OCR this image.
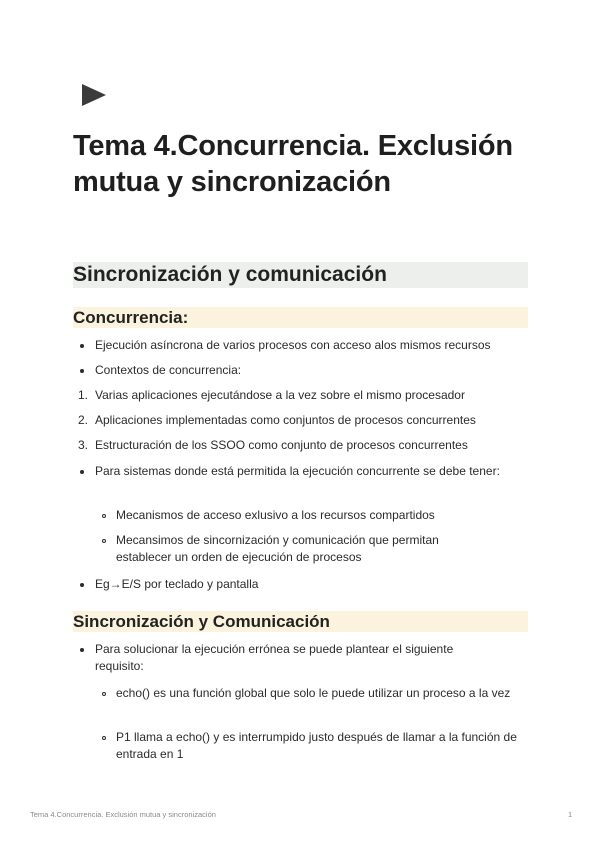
Tema 4.Concurrencia. Exclusión mutua y sincronización
Sincronización y comunicación
Concurrencia:
Ejecución asíncrona de varios procesos con acceso alos mismos recursos
Contextos de concurrencia:
1. Varias aplicaciones ejecutándose a la vez sobre el mismo procesador
2. Aplicaciones implementadas como conjuntos de procesos concurrentes
3. Estructuración de los SSOO como conjunto de procesos concurrentes
Para sistemas donde está permitida la ejecución concurrente se debe tener:
Mecanismos de acceso exlusivo a los recursos compartidos
Mecansimos de sincornización y comunicación que permitan establecer un orden de ejecución de procesos
Eg→E/S por teclado y pantalla
Sincronización y Comunicación
Para solucionar la ejecución errónea se puede plantear el siguiente requisito:
echo() es una función global que solo le puede utilizar un proceso a la vez
P1 llama a echo() y es interrumpido justo después de llamar a la función de entrada en 1
Tema 4.Concurrencia. Exclusión mutua y sincronización	1
